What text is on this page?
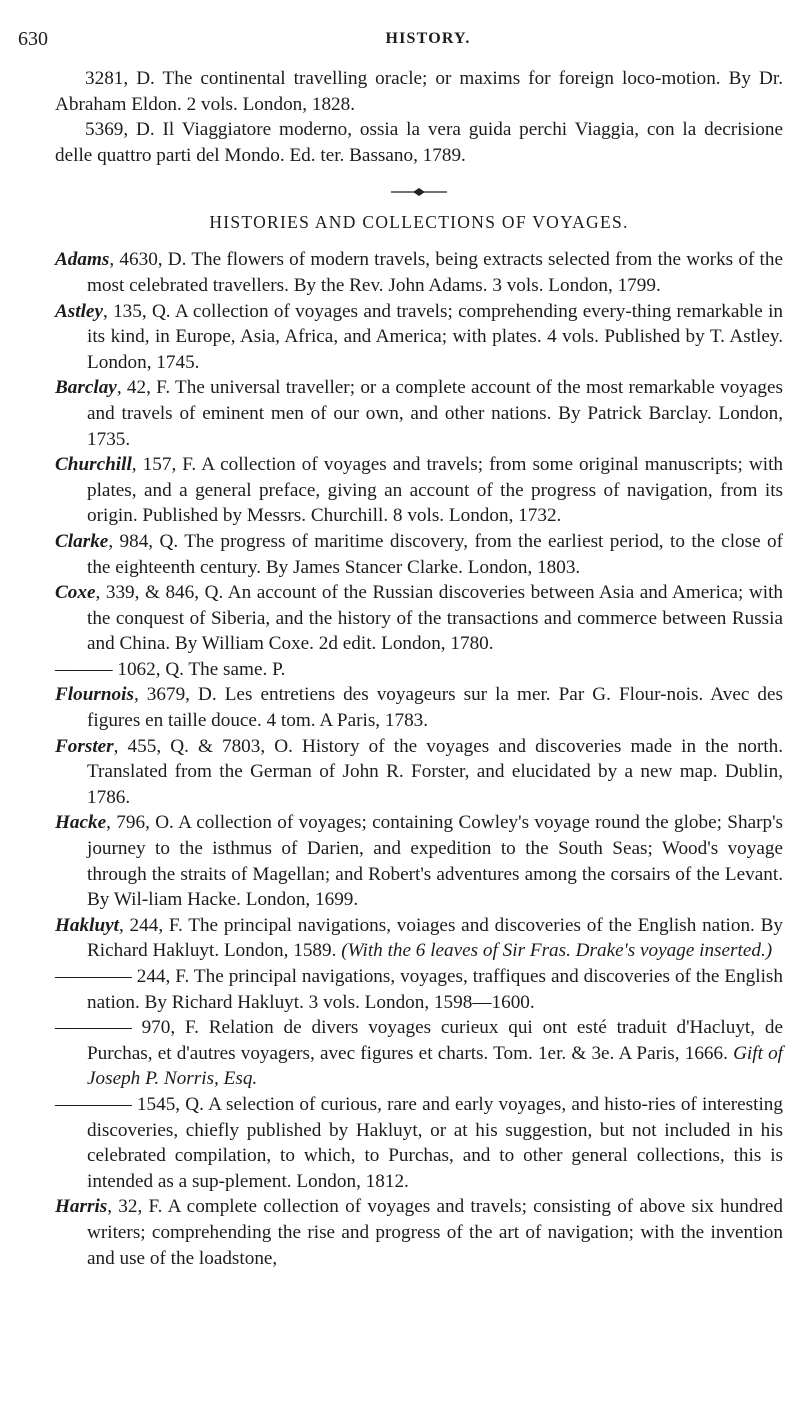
630	HISTORY.

3281, D. The continental travelling oracle; or maxims for foreign loco-motion. By Dr. Abraham Eldon. 2 vols. London, 1828.

5369, D. Il Viaggiatore moderno, ossia la vera guida perchi Viaggia, con la decrisione delle quattro parti del Mondo. Ed. ter. Bassano, 1789.

HISTORIES AND COLLECTIONS OF VOYAGES.

Adams, 4630, D. The flowers of modern travels, being extracts selected from the works of the most celebrated travellers. By the Rev. John Adams. 3 vols. London, 1799.

Astley, 135, Q. A collection of voyages and travels; comprehending every-thing remarkable in its kind, in Europe, Asia, Africa, and America; with plates. 4 vols. Published by T. Astley. London, 1745.

Barclay, 42, F. The universal traveller; or a complete account of the most remarkable voyages and travels of eminent men of our own, and other nations. By Patrick Barclay. London, 1735.

Churchill, 157, F. A collection of voyages and travels; from some original manuscripts; with plates, and a general preface, giving an account of the progress of navigation, from its origin. Published by Messrs. Churchill. 8 vols. London, 1732.

Clarke, 984, Q. The progress of maritime discovery, from the earliest period, to the close of the eighteenth century. By James Stancer Clarke. London, 1803.

Coxe, 339, & 846, Q. An account of the Russian discoveries between Asia and America; with the conquest of Siberia, and the history of the transactions and commerce between Russia and China. By William Coxe. 2d edit. London, 1780.

——— 1062, Q. The same. P.

Flournois, 3679, D. Les entretiens des voyageurs sur la mer. Par G. Flour-nois. Avec des figures en taille douce. 4 tom. A Paris, 1783.

Forster, 455, Q. & 7803, O. History of the voyages and discoveries made in the north. Translated from the German of John R. Forster, and elucidated by a new map. Dublin, 1786.

Hacke, 796, O. A collection of voyages; containing Cowley's voyage round the globe; Sharp's journey to the isthmus of Darien, and expedition to the South Seas; Wood's voyage through the straits of Magellan; and Robert's adventures among the corsairs of the Levant. By Wil-liam Hacke. London, 1699.

Hakluyt, 244, F. The principal navigations, voiages and discoveries of the English nation. By Richard Hakluyt. London, 1589. (With the 6 leaves of Sir Fras. Drake's voyage inserted.)

———— 244, F. The principal navigations, voyages, traffiques and discoveries of the English nation. By Richard Hakluyt. 3 vols. London, 1598—1600.

———— 970, F. Relation de divers voyages curieux qui ont esté traduit d'Hacluyt, de Purchas, et d'autres voyagers, avec figures et charts. Tom. 1er. & 3e. A Paris, 1666. Gift of Joseph P. Norris, Esq.

———— 1545, Q. A selection of curious, rare and early voyages, and histo-ries of interesting discoveries, chiefly published by Hakluyt, or at his suggestion, but not included in his celebrated compilation, to which, to Purchas, and to other general collections, this is intended as a sup-plement. London, 1812.

Harris, 32, F. A complete collection of voyages and travels; consisting of above six hundred writers; comprehending the rise and progress of the art of navigation; with the invention and use of the loadstone,
